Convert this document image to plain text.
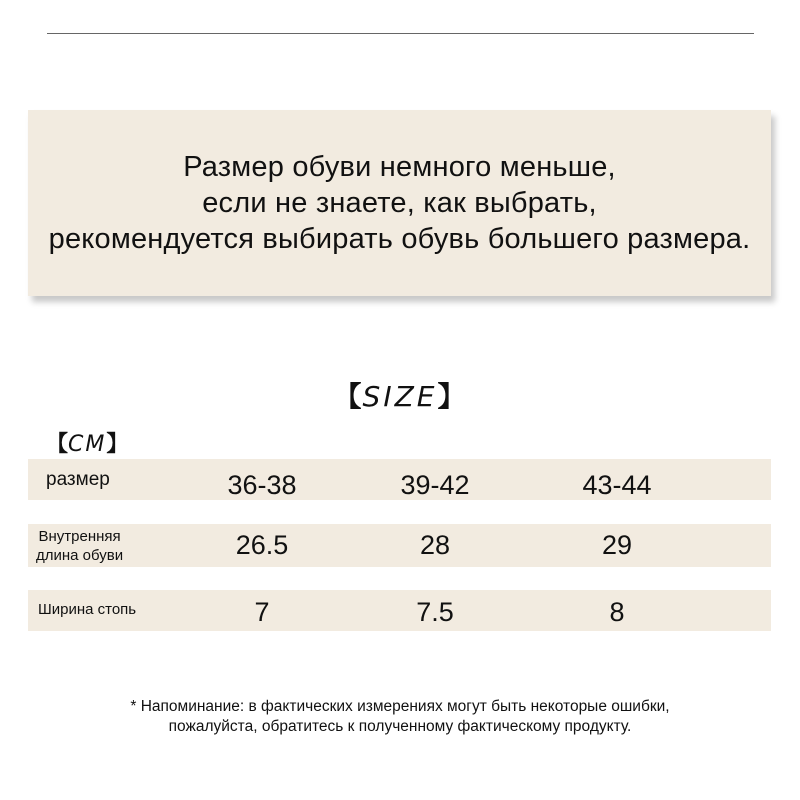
Размер обуви немного меньше,
если не знаете, как выбрать,
рекомендуется выбирать обувь большего размера.
【SIZE】
【CM】
размер	36-38	39-42	43-44
Внутренняя
длина обуви	26.5	28	29
Ширина стопь	7	7.5	8
* Напоминание: в фактических измерениях могут быть некоторые ошибки,
пожалуйста, обратитесь к полученному фактическому продукту.
